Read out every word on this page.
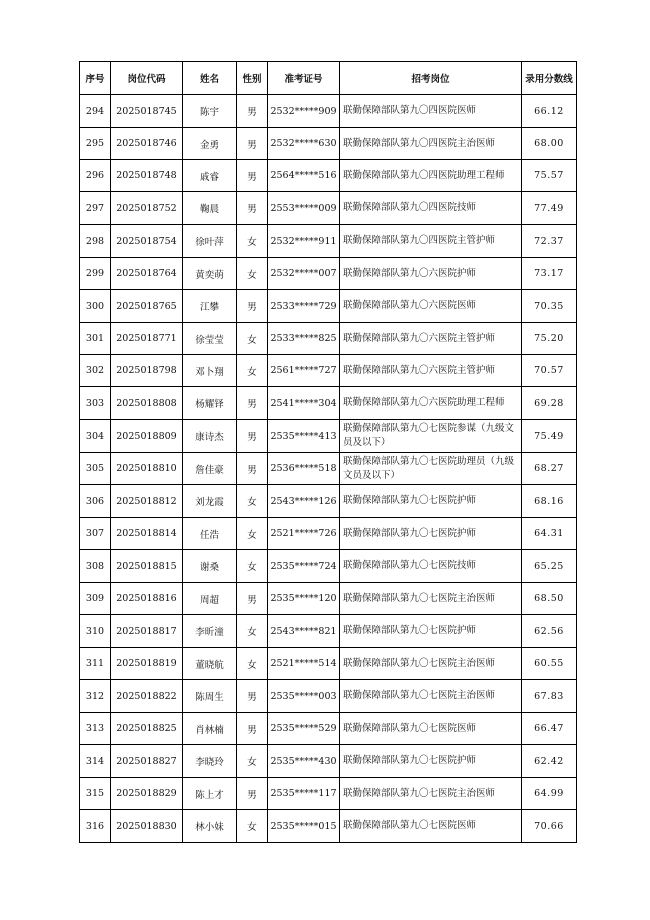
序号	岗位代码	姓名	性别	准考证号	招考岗位	录用分数线
294	2025018745	陈宇	男	2532*****909	联勤保障部队第九〇四医院医师	66.12
295	2025018746	金勇	男	2532*****630	联勤保障部队第九〇四医院主治医师	68.00
296	2025018748	戚睿	男	2564*****516	联勤保障部队第九〇四医院助理工程师	75.57
297	2025018752	鞠晨	男	2553*****009	联勤保障部队第九〇四医院技师	77.49
298	2025018754	徐叶萍	女	2532*****911	联勤保障部队第九〇四医院主管护师	72.37
299	2025018764	黄奕萌	女	2532*****007	联勤保障部队第九〇六医院护师	73.17
300	2025018765	江攀	男	2533*****729	联勤保障部队第九〇六医院医师	70.35
301	2025018771	徐莹莹	女	2533*****825	联勤保障部队第九〇六医院主管护师	75.20
302	2025018798	邓卜翔	女	2561*****727	联勤保障部队第九〇六医院主管护师	70.57
303	2025018808	杨耀铎	男	2541*****304	联勤保障部队第九〇六医院助理工程师	69.28
304	2025018809	康诗杰	男	2535*****413	联勤保障部队第九〇七医院参谋（九级文员及以下）	75.49
305	2025018810	詹佳豪	男	2536*****518	联勤保障部队第九〇七医院助理员（九级文员及以下）	68.27
306	2025018812	刘龙霞	女	2543*****126	联勤保障部队第九〇七医院护师	68.16
307	2025018814	任浩	女	2521*****726	联勤保障部队第九〇七医院护师	64.31
308	2025018815	谢桑	女	2535*****724	联勤保障部队第九〇七医院技师	65.25
309	2025018816	周超	男	2535*****120	联勤保障部队第九〇七医院主治医师	68.50
310	2025018817	李昕潼	女	2543*****821	联勤保障部队第九〇七医院护师	62.56
311	2025018819	董晓航	女	2521*****514	联勤保障部队第九〇七医院主治医师	60.55
312	2025018822	陈周生	男	2535*****003	联勤保障部队第九〇七医院主治医师	67.83
313	2025018825	肖林楠	男	2535*****529	联勤保障部队第九〇七医院医师	66.47
314	2025018827	李晓玲	女	2535*****430	联勤保障部队第九〇七医院护师	62.42
315	2025018829	陈上才	男	2535*****117	联勤保障部队第九〇七医院主治医师	64.99
316	2025018830	林小妹	女	2535*****015	联勤保障部队第九〇七医院医师	70.66
